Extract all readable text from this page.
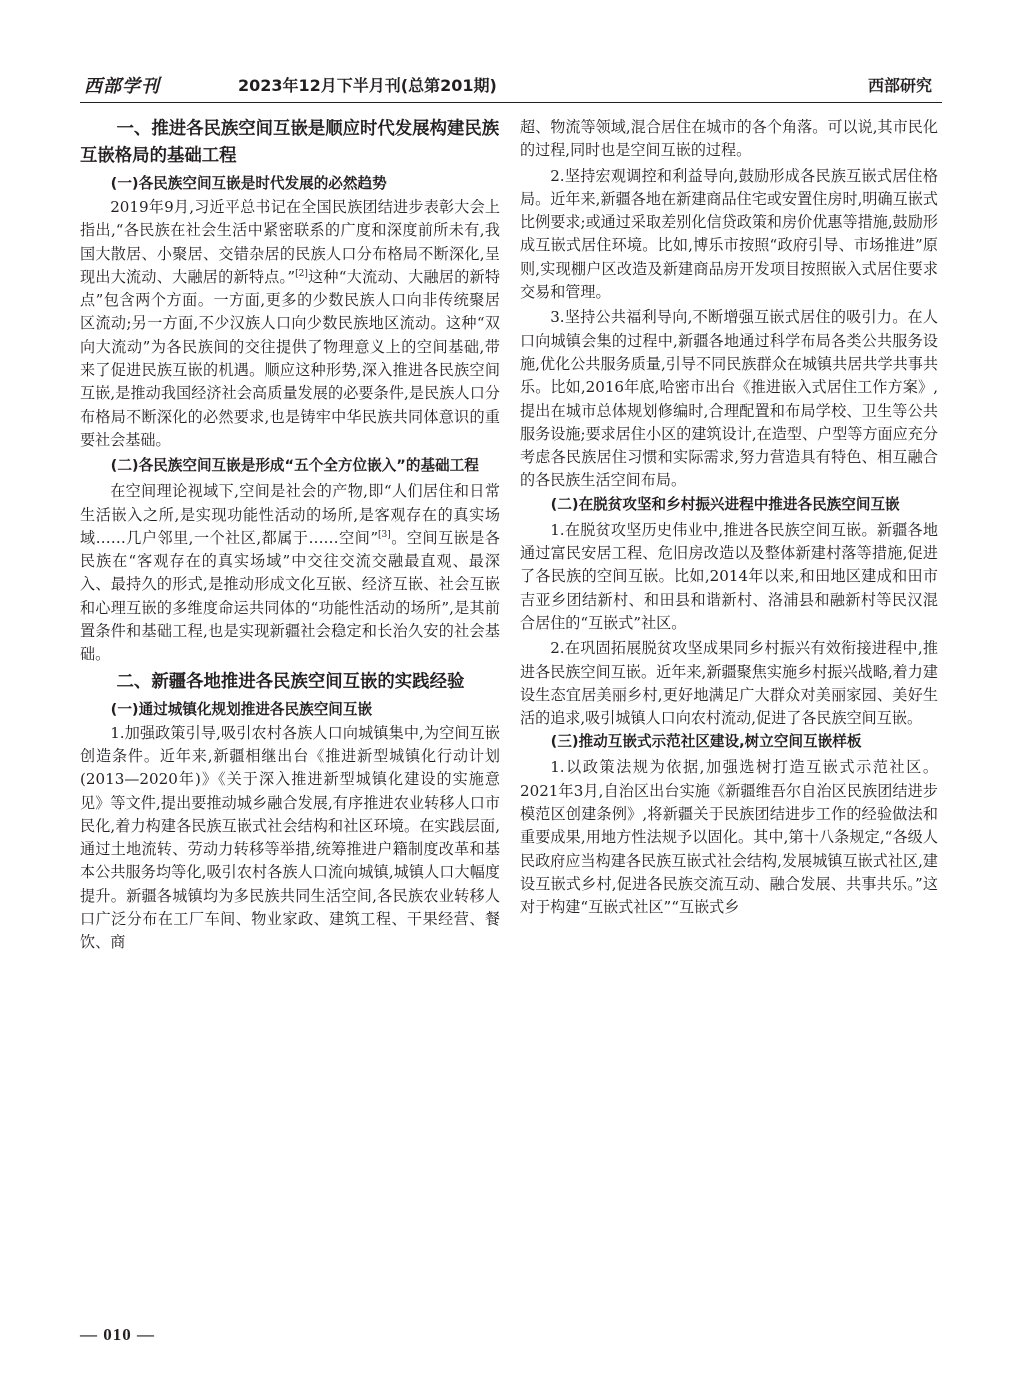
西部学刊	2023年12月下半月刊(总第201期)	西部研究

一、推进各民族空间互嵌是顺应时代发展构建民族互嵌格局的基础工程

(一)各民族空间互嵌是时代发展的必然趋势

2019年9月,习近平总书记在全国民族团结进步表彰大会上指出,“各民族在社会生活中紧密联系的广度和深度前所未有,我国大散居、小聚居、交错杂居的民族人口分布格局不断深化,呈现出大流动、大融居的新特点。”[2]这种“大流动、大融居的新特点”包含两个方面。一方面,更多的少数民族人口向非传统聚居区流动;另一方面,不少汉族人口向少数民族地区流动。这种“双向大流动”为各民族间的交往提供了物理意义上的空间基础,带来了促进民族互嵌的机遇。顺应这种形势,深入推进各民族空间互嵌,是推动我国经济社会高质量发展的必要条件,是民族人口分布格局不断深化的必然要求,也是铸牢中华民族共同体意识的重要社会基础。

(二)各民族空间互嵌是形成“五个全方位嵌入”的基础工程

在空间理论视域下,空间是社会的产物,即“人们居住和日常生活嵌入之所,是实现功能性活动的场所,是客观存在的真实场域……几户邻里,一个社区,都属于……空间”[3]。空间互嵌是各民族在“客观存在的真实场域”中交往交流交融最直观、最深入、最持久的形式,是推动形成文化互嵌、经济互嵌、社会互嵌和心理互嵌的多维度命运共同体的“功能性活动的场所”,是其前置条件和基础工程,也是实现新疆社会稳定和长治久安的社会基础。

二、新疆各地推进各民族空间互嵌的实践经验

(一)通过城镇化规划推进各民族空间互嵌

1.加强政策引导,吸引农村各族人口向城镇集中,为空间互嵌创造条件。近年来,新疆相继出台《推进新型城镇化行动计划(2013—2020年)》《关于深入推进新型城镇化建设的实施意见》等文件,提出要推动城乡融合发展,有序推进农业转移人口市民化,着力构建各民族互嵌式社会结构和社区环境。在实践层面,通过土地流转、劳动力转移等举措,统筹推进户籍制度改革和基本公共服务均等化,吸引农村各族人口流向城镇,城镇人口大幅度提升。新疆各城镇均为多民族共同生活空间,各民族农业转移人口广泛分布在工厂车间、物业家政、建筑工程、干果经营、餐饮、商

超、物流等领域,混合居住在城市的各个角落。可以说,其市民化的过程,同时也是空间互嵌的过程。

2.坚持宏观调控和利益导向,鼓励形成各民族互嵌式居住格局。近年来,新疆各地在新建商品住宅或安置住房时,明确互嵌式比例要求;或通过采取差别化信贷政策和房价优惠等措施,鼓励形成互嵌式居住环境。比如,博乐市按照“政府引导、市场推进”原则,实现棚户区改造及新建商品房开发项目按照嵌入式居住要求交易和管理。

3.坚持公共福利导向,不断增强互嵌式居住的吸引力。在人口向城镇会集的过程中,新疆各地通过科学布局各类公共服务设施,优化公共服务质量,引导不同民族群众在城镇共居共学共事共乐。比如,2016年底,哈密市出台《推进嵌入式居住工作方案》,提出在城市总体规划修编时,合理配置和布局学校、卫生等公共服务设施;要求居住小区的建筑设计,在造型、户型等方面应充分考虑各民族居住习惯和实际需求,努力营造具有特色、相互融合的各民族生活空间布局。

(二)在脱贫攻坚和乡村振兴进程中推进各民族空间互嵌

1.在脱贫攻坚历史伟业中,推进各民族空间互嵌。新疆各地通过富民安居工程、危旧房改造以及整体新建村落等措施,促进了各民族的空间互嵌。比如,2014年以来,和田地区建成和田市吉亚乡团结新村、和田县和谐新村、洛浦县和融新村等民汉混合居住的“互嵌式”社区。

2.在巩固拓展脱贫攻坚成果同乡村振兴有效衔接进程中,推进各民族空间互嵌。近年来,新疆聚焦实施乡村振兴战略,着力建设生态宜居美丽乡村,更好地满足广大群众对美丽家园、美好生活的追求,吸引城镇人口向农村流动,促进了各民族空间互嵌。

(三)推动互嵌式示范社区建设,树立空间互嵌样板

1.以政策法规为依据,加强选树打造互嵌式示范社区。2021年3月,自治区出台实施《新疆维吾尔自治区民族团结进步模范区创建条例》,将新疆关于民族团结进步工作的经验做法和重要成果,用地方性法规予以固化。其中,第十八条规定,“各级人民政府应当构建各民族互嵌式社会结构,发展城镇互嵌式社区,建设互嵌式乡村,促进各民族交流互动、融合发展、共事共乐。”这对于构建“互嵌式社区”“互嵌式乡

— 010 —
